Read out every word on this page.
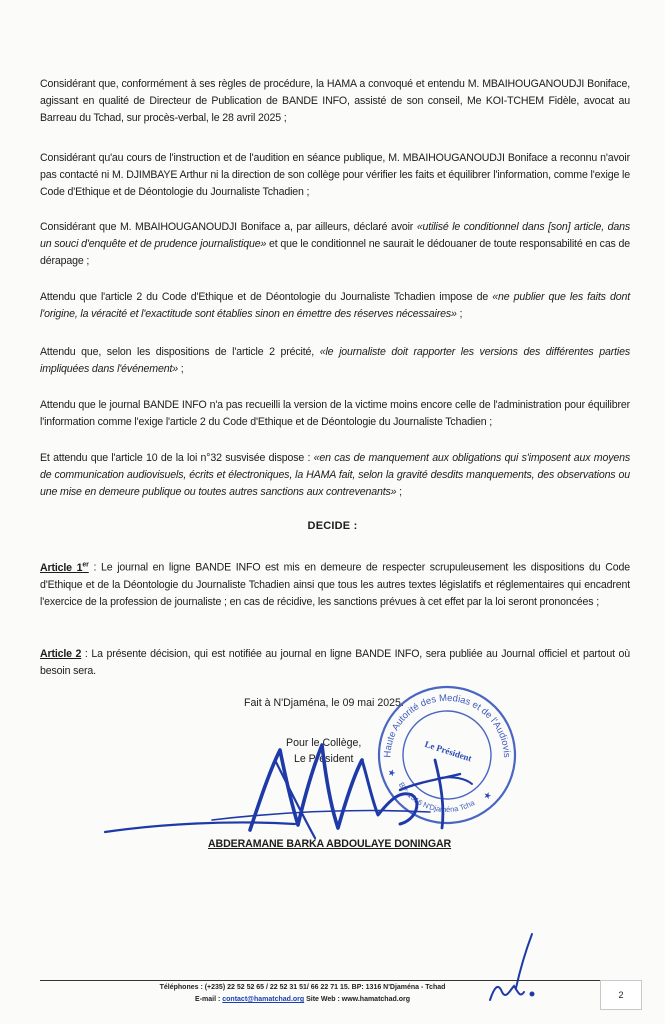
Considérant que, conformément à ses règles de procédure, la HAMA a convoqué et entendu M. MBAIHOUGANOUDJI Boniface, agissant en qualité de Directeur de Publication de BANDE INFO, assisté de son conseil, Me KOI-TCHEM Fidèle, avocat au Barreau du Tchad, sur procès-verbal, le 28 avril 2025 ;
Considérant qu'au cours de l'instruction et de l'audition en séance publique, M. MBAIHOUGANOUDJI Boniface a reconnu n'avoir pas contacté ni M. DJIMBAYE Arthur ni la direction de son collège pour vérifier les faits et équilibrer l'information, comme l'exige le Code d'Ethique et de Déontologie du Journaliste Tchadien ;
Considérant que M. MBAIHOUGANOUDJI Boniface a, par ailleurs, déclaré avoir «utilisé le conditionnel dans [son] article, dans un souci d'enquête et de prudence journalistique» et que le conditionnel ne saurait le dédouaner de toute responsabilité en cas de dérapage ;
Attendu que l'article 2 du Code d'Ethique et de Déontologie du Journaliste Tchadien impose de «ne publier que les faits dont l'origine, la véracité et l'exactitude sont établies sinon en émettre des réserves nécessaires» ;
Attendu que, selon les dispositions de l'article 2 précité, «le journaliste doit rapporter les versions des différentes parties impliquées dans l'événement» ;
Attendu que le journal BANDE INFO n'a pas recueilli la version de la victime moins encore celle de l'administration pour équilibrer l'information comme l'exige l'article 2 du Code d'Ethique et de Déontologie du Journaliste Tchadien ;
Et attendu que l'article 10 de la loi n°32 susvisée dispose : «en cas de manquement aux obligations qui s'imposent aux moyens de communication audiovisuels, écrits et électroniques, la HAMA fait, selon la gravité desdits manquements, des observations ou une mise en demeure publique ou toutes autres sanctions aux contrevenants» ;
DECIDE :
Article 1er : Le journal en ligne BANDE INFO est mis en demeure de respecter scrupuleusement les dispositions du Code d'Ethique et de la Déontologie du Journaliste Tchadien ainsi que tous les autres textes législatifs et réglementaires qui encadrent l'exercice de la profession de journaliste ; en cas de récidive, les sanctions prévues à cet effet par la loi seront prononcées ;
Article 2 : La présente décision, qui est notifiée au journal en ligne BANDE INFO, sera publiée au Journal officiel et partout où besoin sera.
Fait à N'Djaména, le 09 mai 2025.
Pour le Collège,
Le Président	Haute Autorité des Medias et de l'Audiovisuel
BP: 1316 N'Djaména Tchad
Le Président
★
★
ABDERAMANE BARKA ABDOULAYE DONINGAR
Téléphones : (+235) 22 52 52 65 / 22 52 31 51/ 66 22 71 15. BP: 1316 N'Djaména - Tchad
E-mail : contact@hamatchad.org Site Web : www.hamatchad.org	2
